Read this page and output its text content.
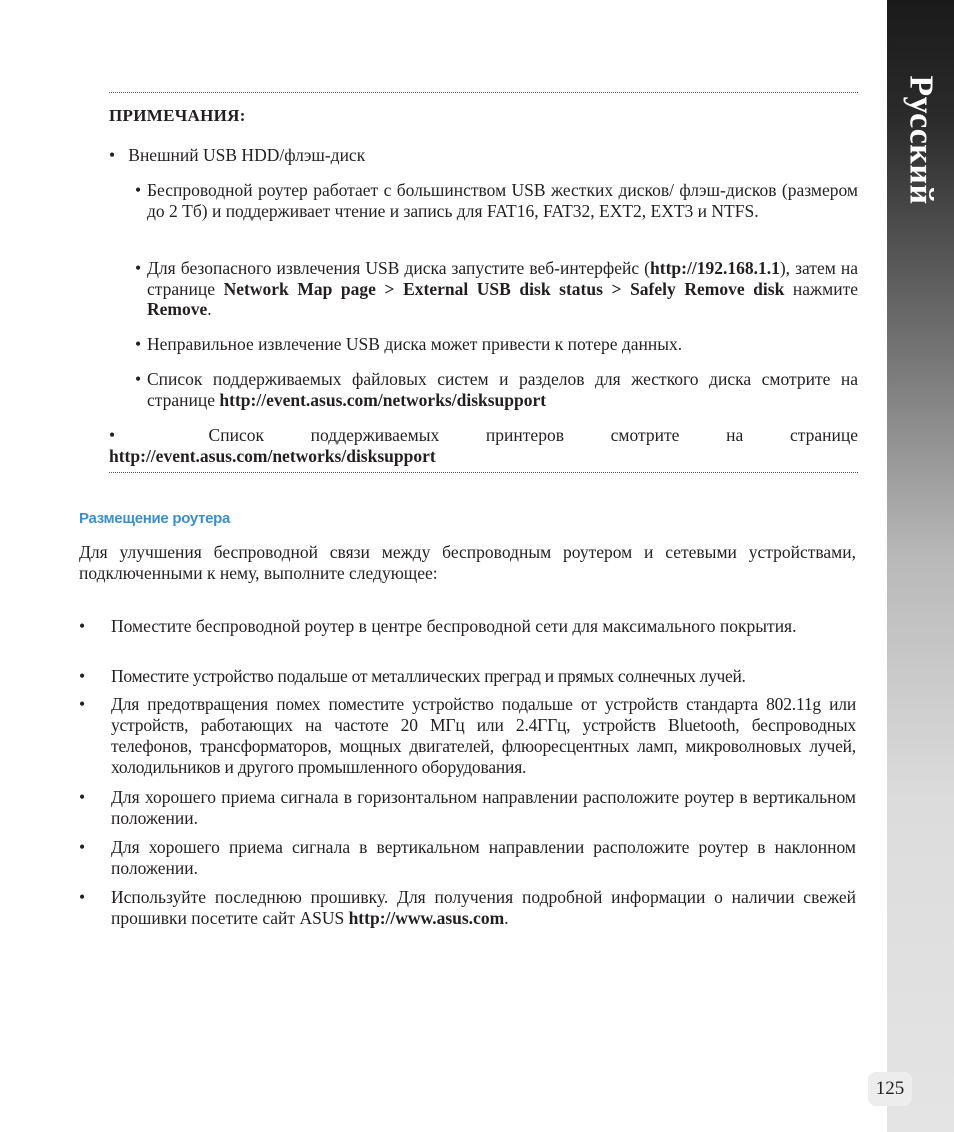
Русский
ПРИМЕЧАНИЯ:
•   Внешний USB HDD/флэш-диск
• Беспроводной роутер работает с большинством USB жестких дисков/ флэш-дисков (размером до 2 Тб) и поддерживает чтение и запись для FAT16, FAT32, EXT2, EXT3 и NTFS.
• Для безопасного извлечения USB диска запустите веб-интерфейс (http://192.168.1.1), затем на странице Network Map page > External USB disk status > Safely Remove disk нажмите Remove.
• Неправильное извлечение USB диска может привести к потере данных.
• Список поддерживаемых файловых систем и разделов для жесткого диска смотрите на странице http://event.asus.com/networks/disksupport
•  Список поддерживаемых принтеров смотрите на странице http://event.asus.com/networks/disksupport
Размещение роутера
Для улучшения беспроводной связи между беспроводным роутером и сетевыми устройствами, подключенными к нему, выполните следующее:
• Поместите беспроводной роутер в центре беспроводной сети для максимального покрытия.
• Поместите устройство подальше от металлических преград и прямых солнечных лучей.
• Для предотвращения помех поместите устройство подальше от устройств стандарта 802.11g или устройств, работающих на частоте 20 МГц или 2.4ГГц, устройств Bluetooth, беспроводных телефонов, трансформаторов, мощных двигателей, флюоресцентных ламп, микроволновых лучей, холодильников и другого промышленного оборудования.
• Для хорошего приема сигнала в горизонтальном направлении расположите роутер в вертикальном положении.
• Для хорошего приема сигнала в вертикальном направлении расположите роутер в наклонном положении.
• Используйте последнюю прошивку. Для получения подробной информации о наличии свежей прошивки посетите сайт ASUS http://www.asus.com.
125
